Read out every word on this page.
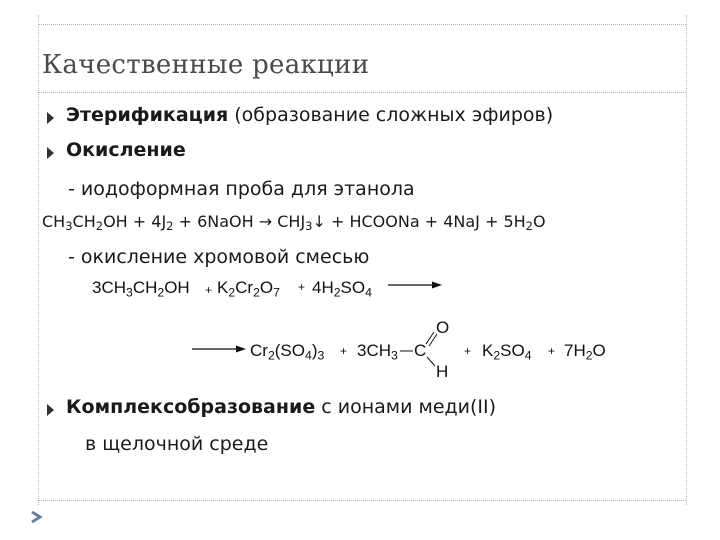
Качественные реакции
Этерификация (образование сложных эфиров)
Окисление
- иодоформная проба для этанола
$CH_3CH_2OH + 4J_2$ + 6NaOH → $CHJ_3↓$ + HCOONa + $4NaJ + 5H_2O$
- окисление хромовой смесью
$3CH_3CH_2OH + K_2Cr_2O_7 + 4H_2SO_4$
→ $Cr_2(SO_4)_3 + 3CH_3$ C
O
H
+ $K_2SO_4 + 7H_2O$
Комплексобразование с ионами меди(II)
в щелочной среде
